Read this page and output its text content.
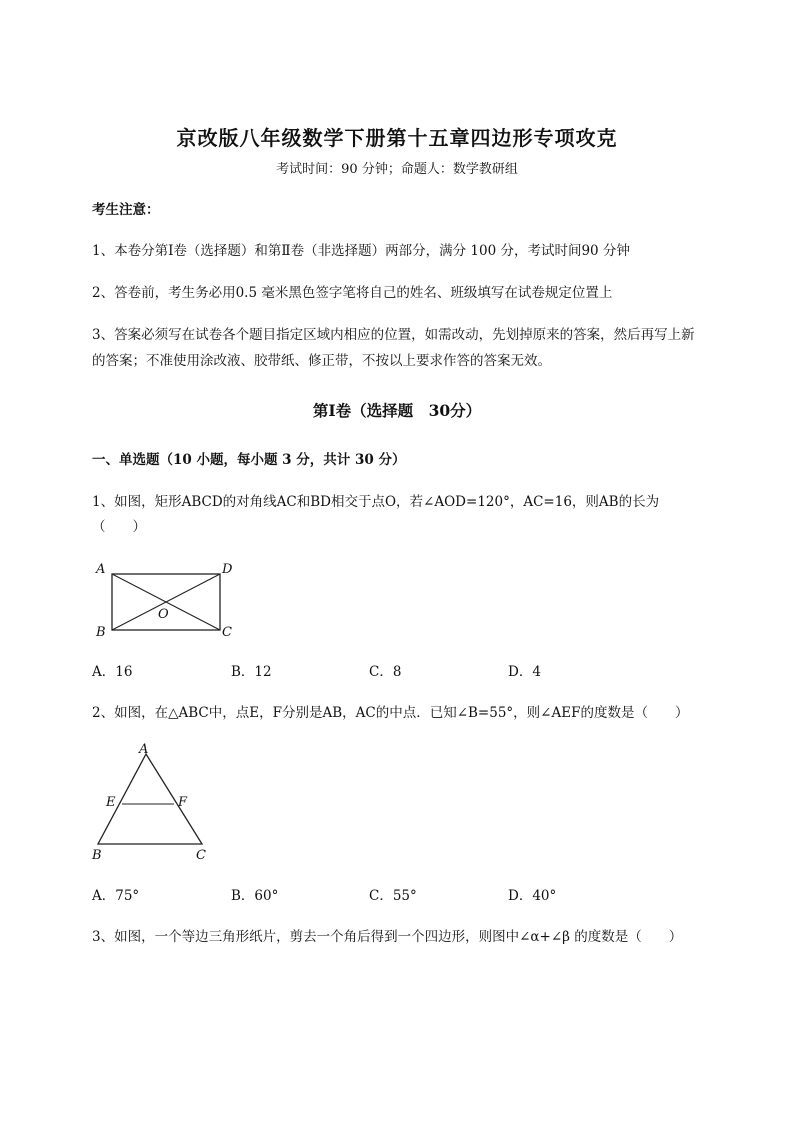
京改版八年级数学下册第十五章四边形专项攻克
考试时间：90 分钟；命题人：数学教研组
考生注意：
1、本卷分第Ⅰ卷（选择题）和第Ⅱ卷（非选择题）两部分，满分 100 分，考试时间90 分钟
2、答卷前，考生务必用0.5 毫米黑色签字笔将自己的姓名、班级填写在试卷规定位置上
3、答案必须写在试卷各个题目指定区域内相应的位置，如需改动，先划掉原来的答案，然后再写上新
的答案；不准使用涂改液、胶带纸、修正带，不按以上要求作答的答案无效。
第Ⅰ卷（选择题　30分）
一、单选题（10 小题，每小题 3 分，共计 30 分）
1、如图，矩形ABCD的对角线AC和BD相交于点O，若∠AOD=120°，AC=16，则AB的长为
（　　）
A	D
B	C
O
A．16	B．12	C．8	D．4
2、如图，在△ABC中，点E，F分别是AB，AC的中点．已知∠B=55°，则∠AEF的度数是（　　）
A
E	F
B	C
A．75°	B．60°	C．55°	D．40°
3、如图，一个等边三角形纸片，剪去一个角后得到一个四边形，则图中∠α+∠β 的度数是（　　）
